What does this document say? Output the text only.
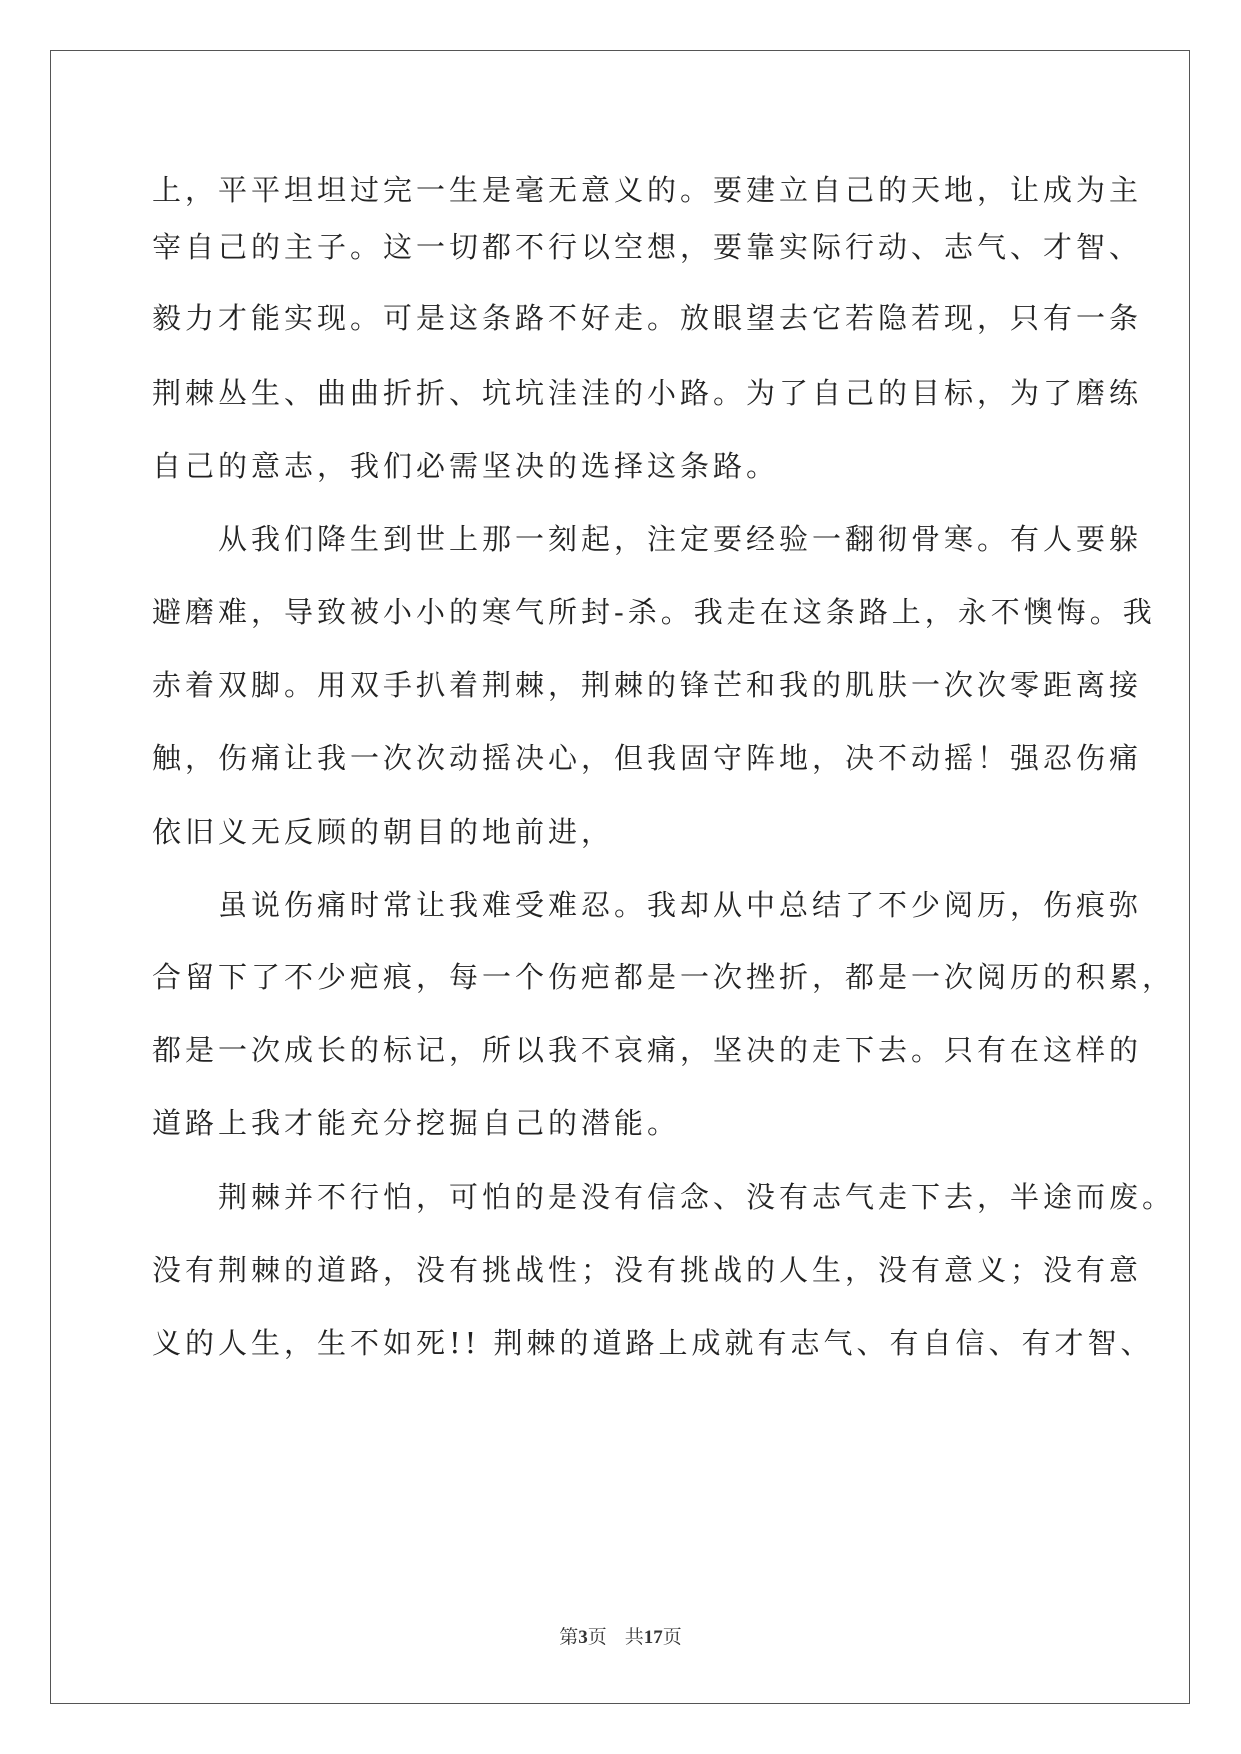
上，平平坦坦过完一生是毫无意义的。要建立自己的天地，让成为主
宰自己的主子。这一切都不行以空想，要靠实际行动、志气、才智、
毅力才能实现。可是这条路不好走。放眼望去它若隐若现，只有一条
荆棘丛生、曲曲折折、坑坑洼洼的小路。为了自己的目标，为了磨练
自己的意志，我们必需坚决的选择这条路。
　　从我们降生到世上那一刻起，注定要经验一翻彻骨寒。有人要躲
避磨难，导致被小小的寒气所封-杀。我走在这条路上，永不懊悔。我
赤着双脚。用双手扒着荆棘，荆棘的锋芒和我的肌肤一次次零距离接
触，伤痛让我一次次动摇决心，但我固守阵地，决不动摇！强忍伤痛
依旧义无反顾的朝目的地前进，
　　虽说伤痛时常让我难受难忍。我却从中总结了不少阅历，伤痕弥
合留下了不少疤痕，每一个伤疤都是一次挫折，都是一次阅历的积累，
都是一次成长的标记，所以我不哀痛，坚决的走下去。只有在这样的
道路上我才能充分挖掘自己的潜能。
　　荆棘并不行怕，可怕的是没有信念、没有志气走下去，半途而废。
没有荆棘的道路，没有挑战性；没有挑战的人生，没有意义；没有意
义的人生，生不如死!! 荆棘的道路上成就有志气、有自信、有才智、
第3页 共17页
